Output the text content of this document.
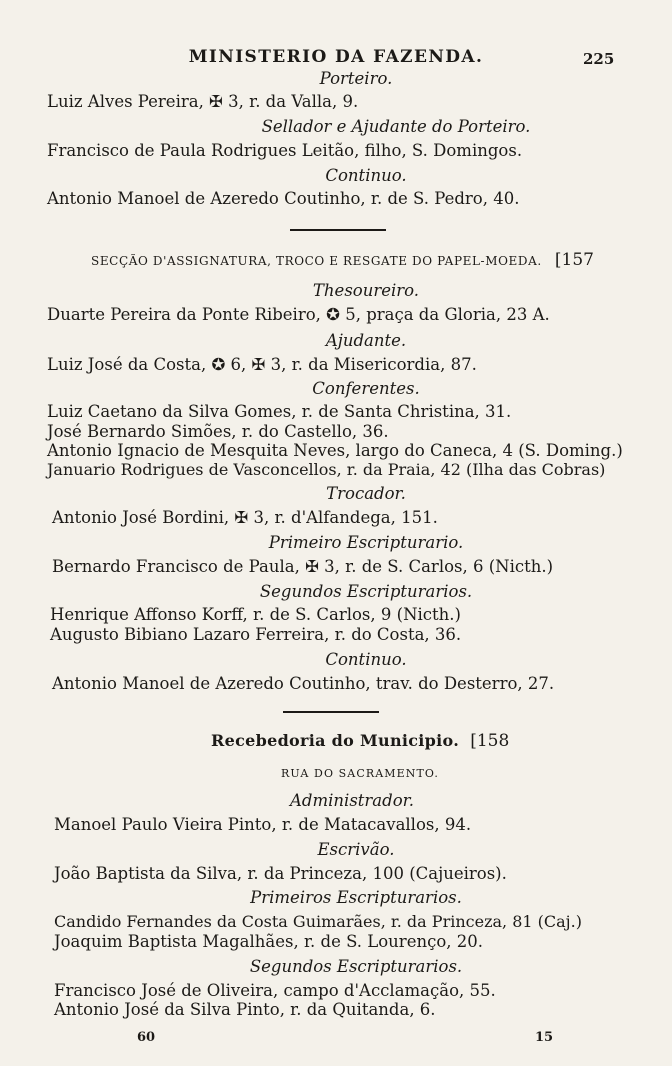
MINISTERIO DA FAZENDA.	225
Porteiro.
Luiz Alves Pereira, ✠ 3, r. da Valla, 9.
Sellador e Ajudante do Porteiro.
Francisco de Paula Rodrigues Leitão, filho, S. Domingos.
Continuo.
Antonio Manoel de Azeredo Coutinho, r. de S. Pedro, 40.
SECÇÃO D'ASSIGNATURA, TROCO E RESGATE DO PAPEL-MOEDA. [157
Thesoureiro.
Duarte Pereira da Ponte Ribeiro, ✪ 5, praça da Gloria, 23 A.
Ajudante.
Luiz José da Costa, ✪ 6, ✠ 3, r. da Misericordia, 87.
Conferentes.
Luiz Caetano da Silva Gomes, r. de Santa Christina, 31.
José Bernardo Simões, r. do Castello, 36.
Antonio Ignacio de Mesquita Neves, largo do Caneca, 4 (S. Doming.)
Januario Rodrigues de Vasconcellos, r. da Praia, 42 (Ilha das Cobras)
Trocador.
Antonio José Bordini, ✠ 3, r. d'Alfandega, 151.
Primeiro Escripturario.
Bernardo Francisco de Paula, ✠ 3, r. de S. Carlos, 6 (Nicth.)
Segundos Escripturarios.
Henrique Affonso Korff, r. de S. Carlos, 9 (Nicth.)
Augusto Bibiano Lazaro Ferreira, r. do Costa, 36.
Continuo.
Antonio Manoel de Azeredo Coutinho, trav. do Desterro, 27.
Recebedoria do Municipio. [158
RUA DO SACRAMENTO.
Administrador.
Manoel Paulo Vieira Pinto, r. de Matacavallos, 94.
Escrivão.
João Baptista da Silva, r. da Princeza, 100 (Cajueiros).
Primeiros Escripturarios.
Candido Fernandes da Costa Guimarães, r. da Princeza, 81 (Caj.)
Joaquim Baptista Magalhães, r. de S. Lourenço, 20.
Segundos Escripturarios.
Francisco José de Oliveira, campo d'Acclamação, 55.
Antonio José da Silva Pinto, r. da Quitanda, 6.
60	15
